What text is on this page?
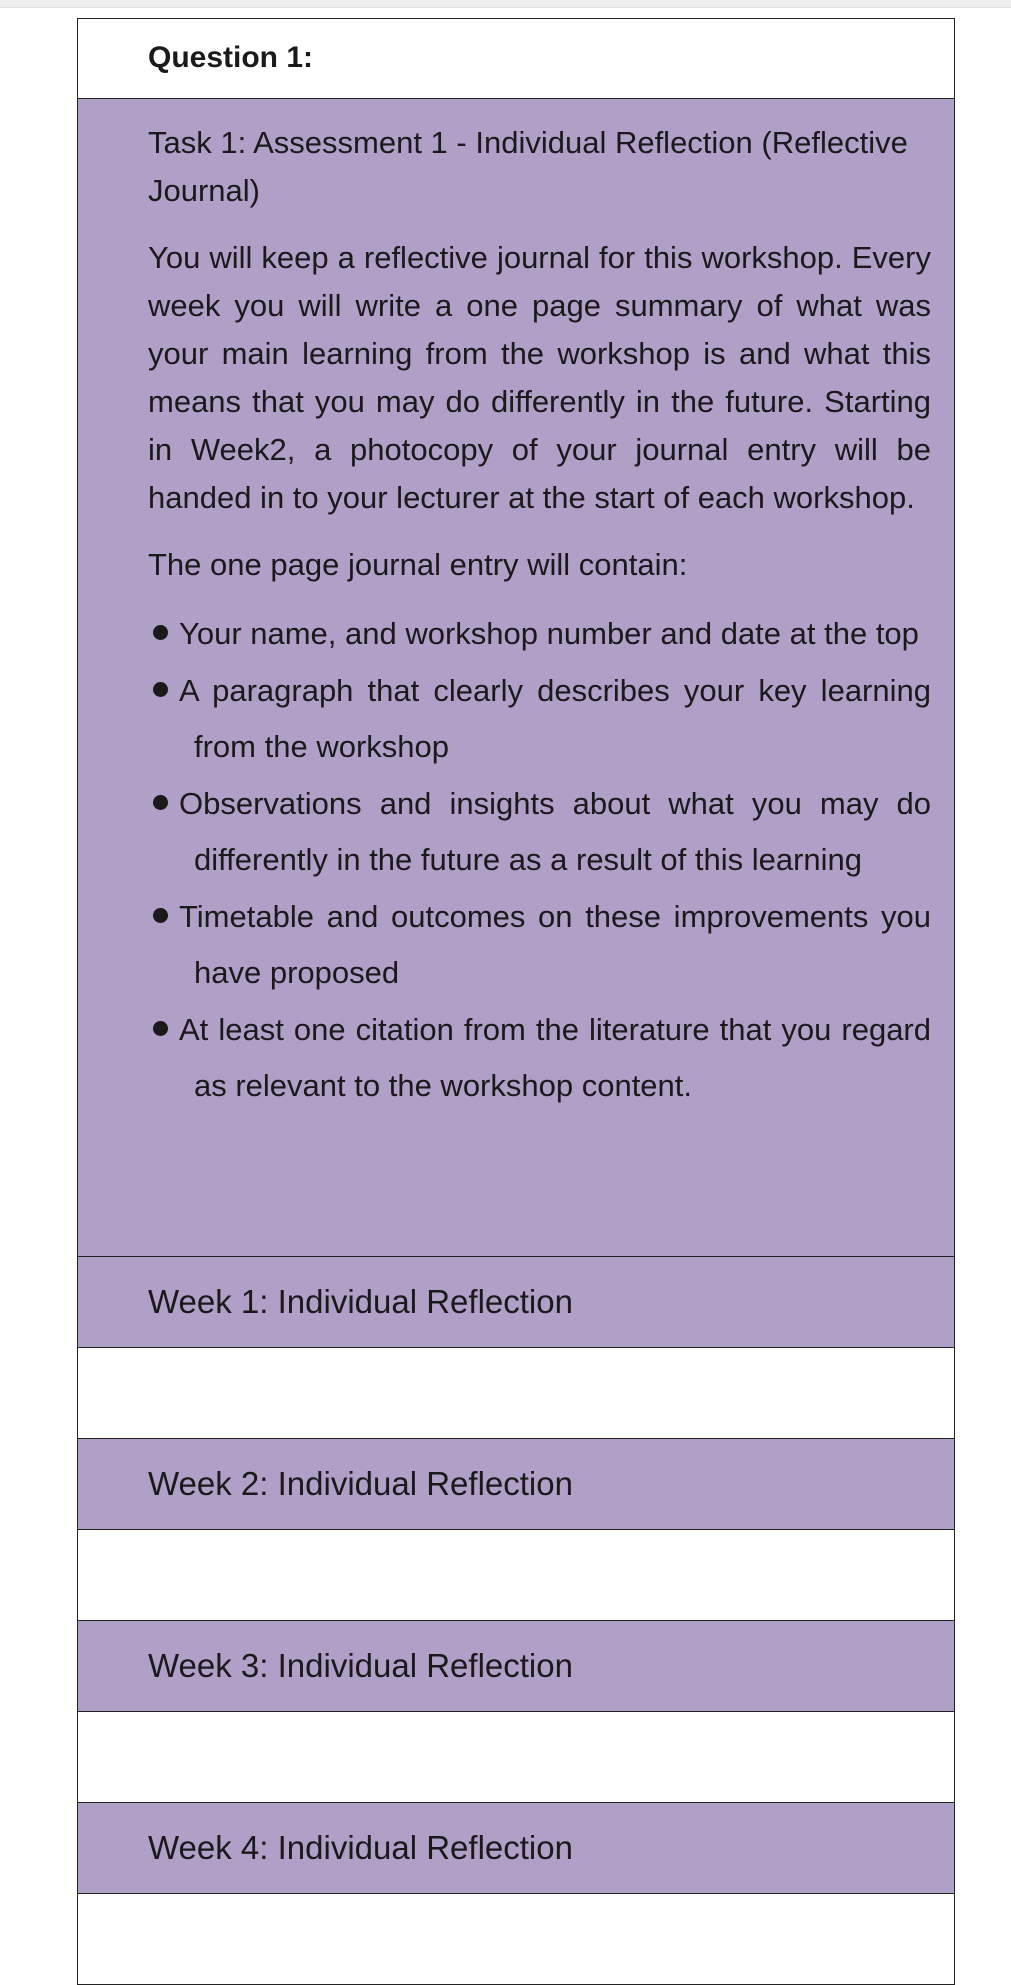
Question 1:

Task 1: Assessment 1 - Individual Reflection (Reflective Journal)

You will keep a reflective journal for this workshop. Every week you will write a one page summary of what was your main learning from the workshop is and what this means that you may do differently in the future. Starting in Week2, a photocopy of your journal entry will be handed in to your lecturer at the start of each workshop.

The one page journal entry will contain:

Your name, and workshop number and date at the top
A paragraph that clearly describes your key learning from the workshop
Observations and insights about what you may do differently in the future as a result of this learning
Timetable and outcomes on these improvements you have proposed
At least one citation from the literature that you regard as relevant to the workshop content.
Week 1: Individual Reflection
Week 2: Individual Reflection
Week 3: Individual Reflection
Week 4: Individual Reflection
